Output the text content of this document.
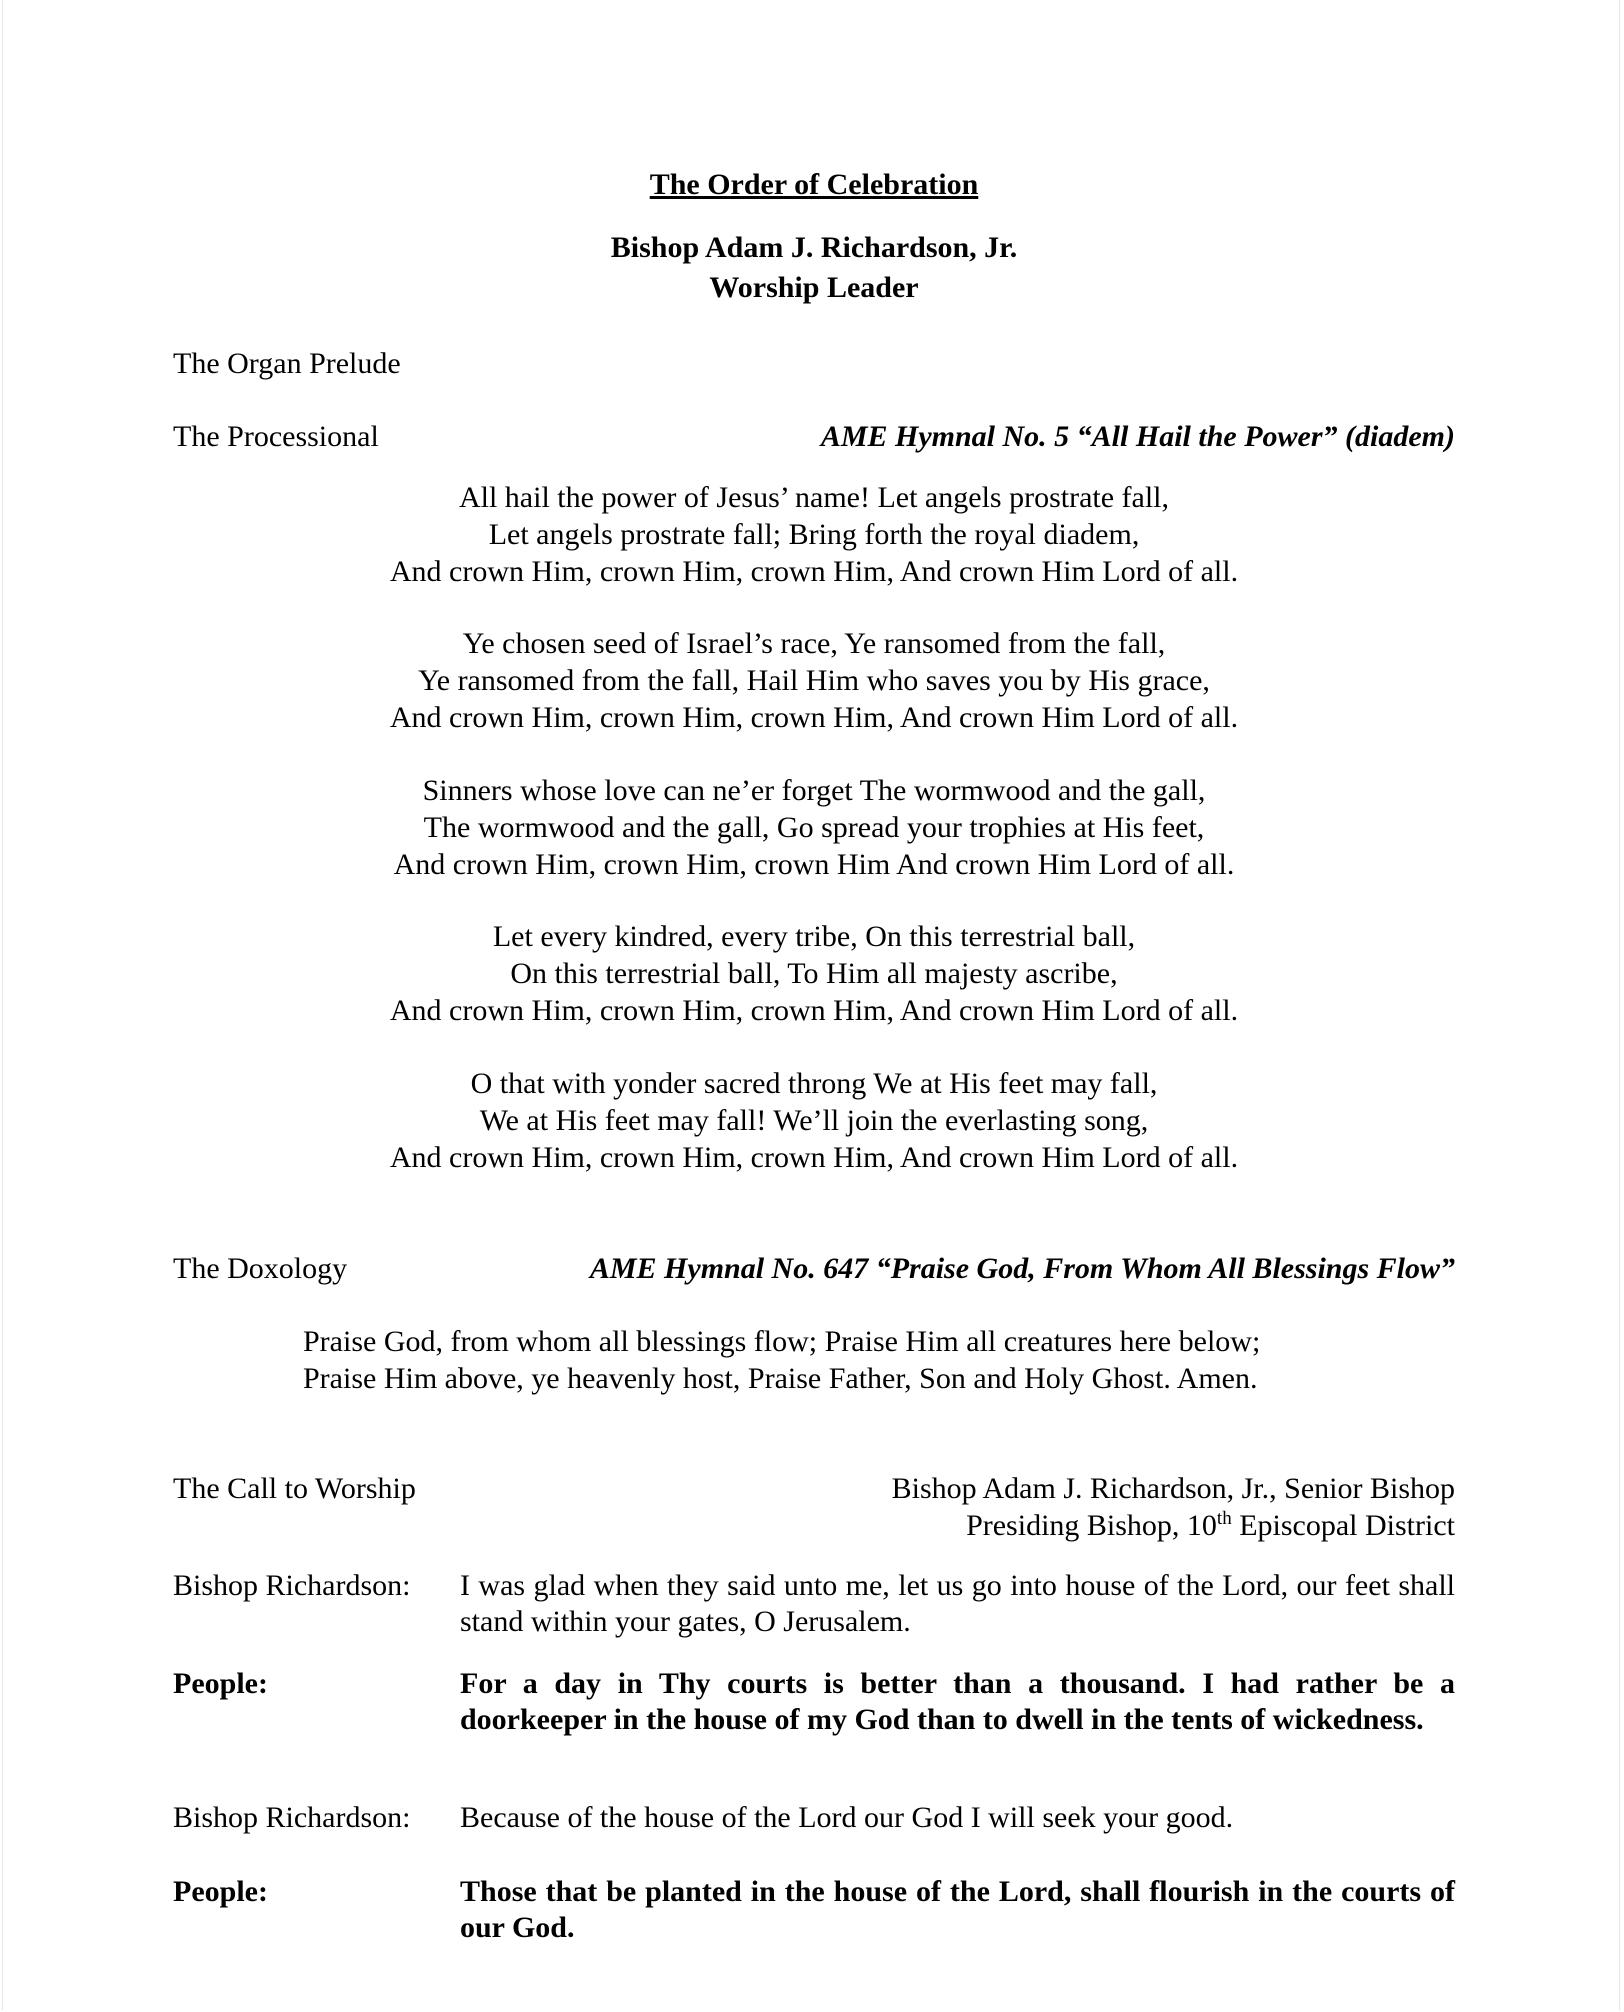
The Order of Celebration
Bishop Adam J. Richardson, Jr.
Worship Leader
The Organ Prelude
The Processional	AME Hymnal No. 5 “All Hail the Power” (diadem)
All hail the power of Jesus’ name! Let angels prostrate fall,
Let angels prostrate fall; Bring forth the royal diadem,
And crown Him, crown Him, crown Him, And crown Him Lord of all.
Ye chosen seed of Israel’s race, Ye ransomed from the fall,
Ye ransomed from the fall, Hail Him who saves you by His grace,
And crown Him, crown Him, crown Him, And crown Him Lord of all.
Sinners whose love can ne’er forget The wormwood and the gall,
The wormwood and the gall, Go spread your trophies at His feet,
And crown Him, crown Him, crown Him And crown Him Lord of all.
Let every kindred, every tribe, On this terrestrial ball,
On this terrestrial ball, To Him all majesty ascribe,
And crown Him, crown Him, crown Him, And crown Him Lord of all.
O that with yonder sacred throng We at His feet may fall,
We at His feet may fall! We’ll join the everlasting song,
And crown Him, crown Him, crown Him, And crown Him Lord of all.
The Doxology	AME Hymnal No. 647 “Praise God, From Whom All Blessings Flow”
Praise God, from whom all blessings flow; Praise Him all creatures here below;
Praise Him above, ye heavenly host, Praise Father, Son and Holy Ghost. Amen.
The Call to Worship	Bishop Adam J. Richardson, Jr., Senior Bishop
Presiding Bishop, 10th Episcopal District
Bishop Richardson: I was glad when they said unto me, let us go into house of the Lord, our feet shall stand within your gates, O Jerusalem.
People:	For a day in Thy courts is better than a thousand. I had rather be a doorkeeper in the house of my God than to dwell in the tents of wickedness.
Bishop Richardson: Because of the house of the Lord our God I will seek your good.
People:	Those that be planted in the house of the Lord, shall flourish in the courts of our God.
